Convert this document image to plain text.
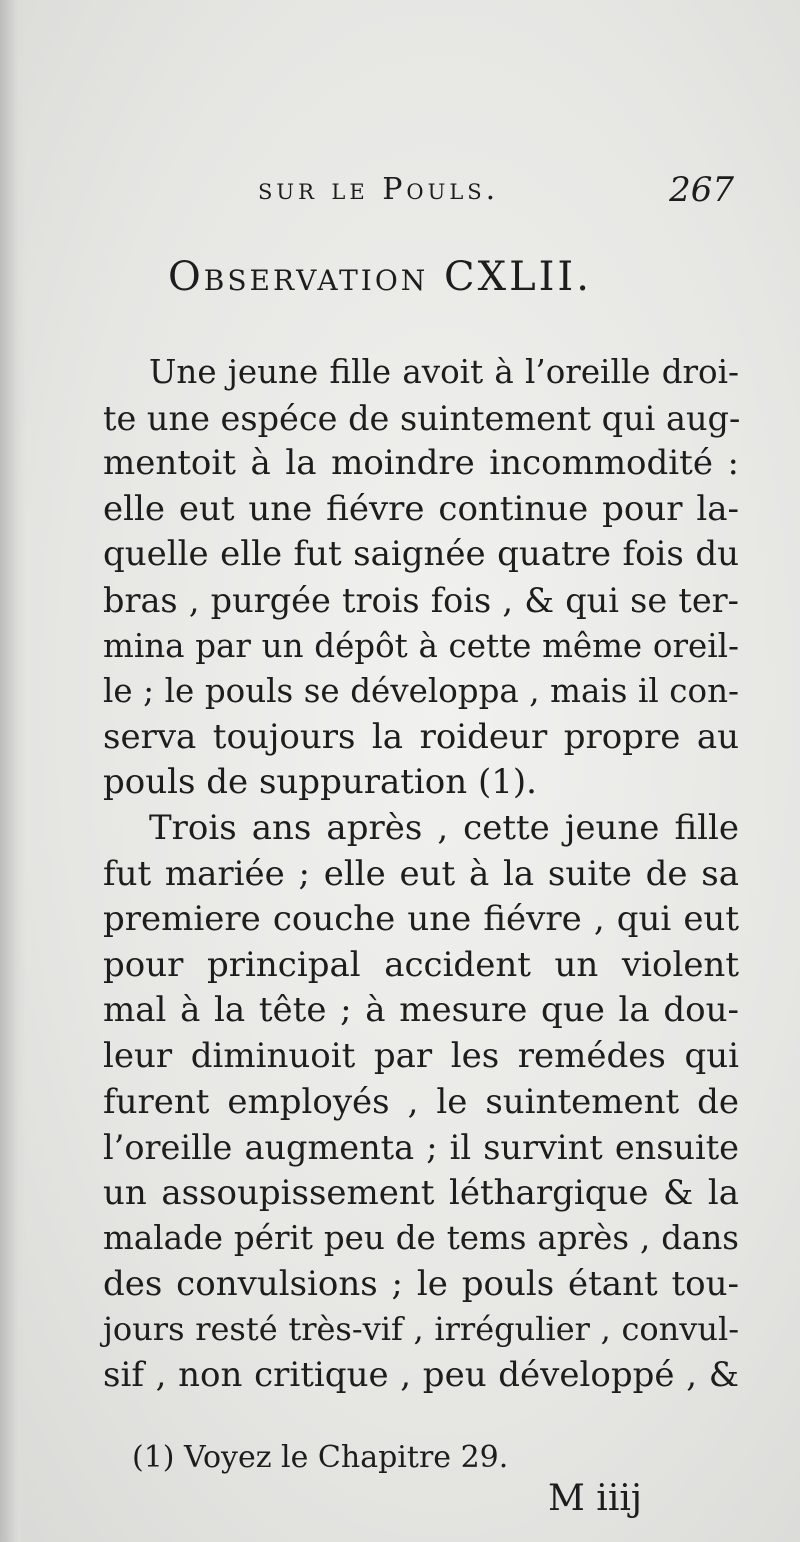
sur le Pouls.	267
Observation CXLII.
Une jeune fille avoit à l’oreille droi-
te une espéce de suintement qui aug-
mentoit à la moindre incommodité :
elle eut une fiévre continue pour la-
quelle elle fut saignée quatre fois du
bras , purgée trois fois , & qui se ter-
mina par un dépôt à cette même oreil-
le ; le pouls se développa , mais il con-
serva toujours la roideur propre au
pouls de suppuration (1).
Trois ans après , cette jeune fille
fut mariée ; elle eut à la suite de sa
premiere couche une fiévre , qui eut
pour principal accident un violent
mal à la tête ; à mesure que la dou-
leur diminuoit par les remédes qui
furent employés , le suintement de
l’oreille augmenta ; il survint ensuite
un assoupissement léthargique & la
malade périt peu de tems après , dans
des convulsions ; le pouls étant tou-
jours resté très-vif , irrégulier , convul-
sif , non critique , peu développé , &
(1) Voyez le Chapitre 29.
M iiij
